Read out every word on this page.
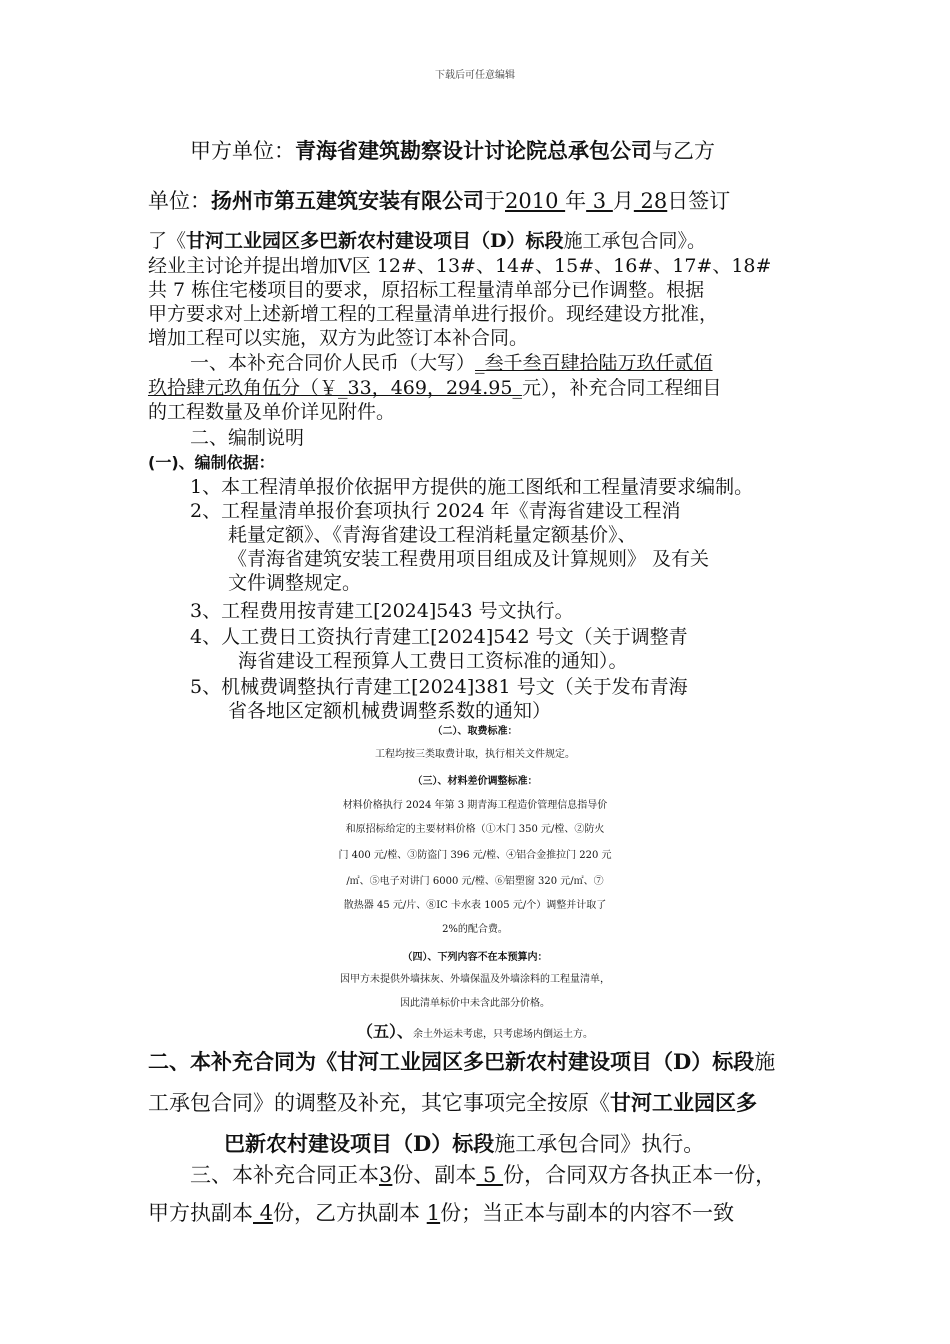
下载后可任意编辑

甲方单位：青海省建筑勘察设计讨论院总承包公司与乙方

单位：扬州市第五建筑安装有限公司于2010 年 3 月 28日签订

了《甘河工业园区多巴新农村建设项目（D）标段施工承包合同》。

经业主讨论并提出增加Ⅴ区 12#、13#、14#、15#、16#、17#、18#

共 7 栋住宅楼项目的要求，原招标工程量清单部分已作调整。根据

甲方要求对上述新增工程的工程量清单进行报价。现经建设方批准，

增加工程可以实施，双方为此签订本补合同。

一、本补充合同价人民币（大写）_叁千叁百肆拾陆万玖仟贰佰

玖拾肆元玖角伍分（￥_33，469，294.95_元），补充合同工程细目

的工程数量及单价详见附件。

二、编制说明

(一)、编制依据：

1、本工程清单报价依据甲方提供的施工图纸和工程量清要求编制。

2、工程量清单报价套项执行 2024 年《青海省建设工程消

耗量定额》、《青海省建设工程消耗量定额基价》、

《青海省建筑安装工程费用项目组成及计算规则》 及有关

文件调整规定。

3、工程费用按青建工[2024]543 号文执行。

4、人工费日工资执行青建工[2024]542 号文（关于调整青

海省建设工程预算人工费日工资标准的通知）。

5、机械费调整执行青建工[2024]381 号文（关于发布青海

省各地区定额机械费调整系数的通知）

（二）、取费标准：

工程均按三类取费计取，执行相关文件规定。

（三）、材料差价调整标准：

材料价格执行 2024 年第 3 期青海工程造价管理信息指导价

和原招标给定的主要材料价格（①木门 350 元/樘、②防火

门 400 元/樘、③防盗门 396 元/樘、④铝合金推拉门 220 元

/㎡、⑤电子对讲门 6000 元/樘、⑥铝塑窗 320 元/㎡、⑦

散热器 45 元/片、⑧IC 卡水表 1005 元/个）调整并计取了

2%的配合费。

（四）、下列内容不在本预算内：

因甲方未提供外墙抹灰、外墙保温及外墙涂料的工程量清单，

因此清单标价中未含此部分价格。

（五）、余土外运未考虑，只考虑场内倒运土方。

二、本补充合同为《甘河工业园区多巴新农村建设项目（D）标段施

工承包合同》的调整及补充，其它事项完全按原《甘河工业园区多

巴新农村建设项目（D）标段施工承包合同》执行。

三、本补充合同正本3份、副本 5 份，合同双方各执正本一份，

甲方执副本 4份，乙方执副本 1份；当正本与副本的内容不一致
